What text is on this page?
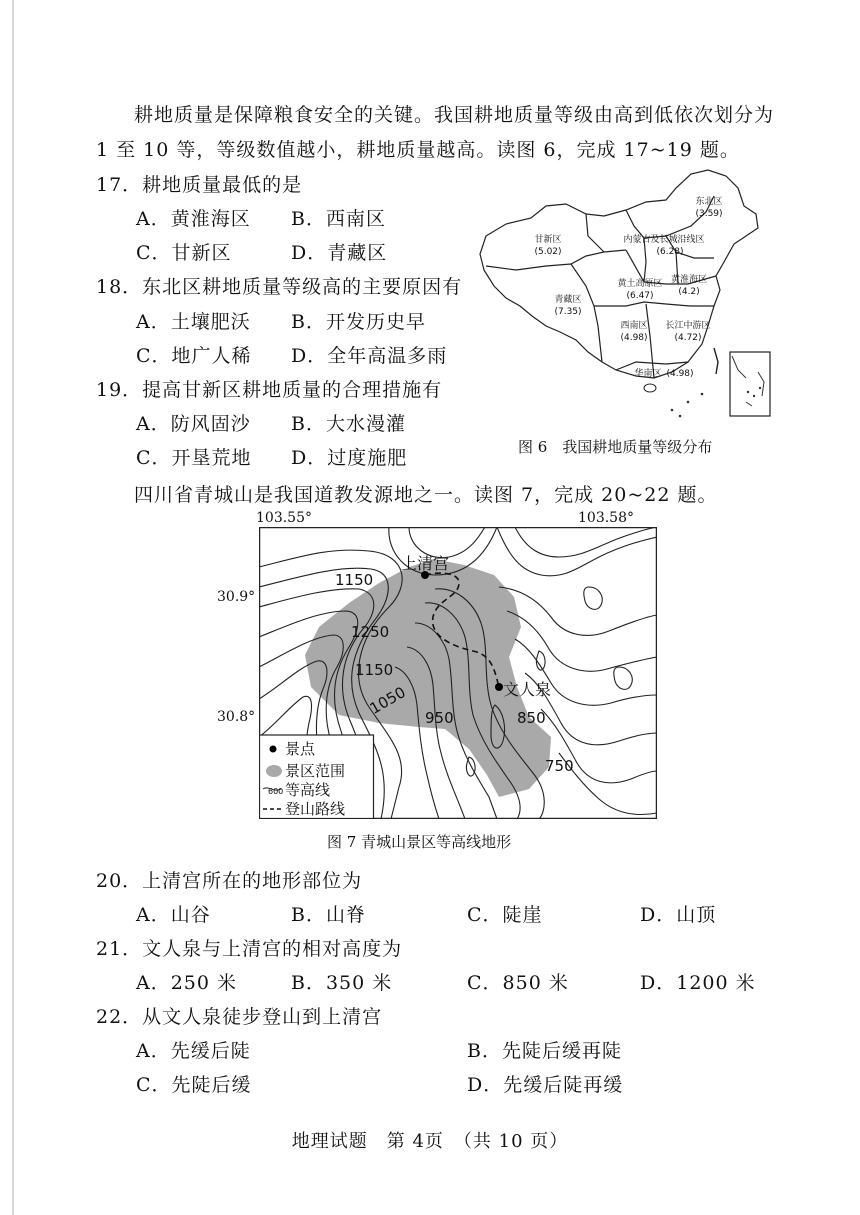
耕地质量是保障粮食安全的关键。我国耕地质量等级由高到低依次划分为
1 至 10 等，等级数值越小，耕地质量越高。读图 6，完成 17~19 题。
17．耕地质量最低的是
A．黄淮海区 B．西南区
C．甘新区	D．青藏区
18．东北区耕地质量等级高的主要原因有
A．土壤肥沃 B．开发历史早
C．地广人稀 D．全年高温多雨
19．提高甘新区耕地质量的合理措施有
A．防风固沙 B．大水漫灌
C．开垦荒地 D．过度施肥
东北区
(3.59)
内蒙古及长城沿线区
(6.28)
甘新区
(5.02)
黄土高原区
(6.47)
黄淮海区
(4.2)
青藏区
(7.35)
西南区
(4.98)
长江中游区
(4.72)
华南区 (4.98)
图 6　我国耕地质量等级分布
四川省青城山是我国道教发源地之一。读图 7，完成 20~22 题。
103.55°	103.58°
30.9°
30.8°
上清宫
文人泉
1150
1250
1150
1050
950	850
750
景点
景区范围
600 等高线
登山路线
图 7 青城山景区等高线地形
20．上清宫所在的地形部位为
A．山谷	B．山脊	C．陡崖	D．山顶
21．文人泉与上清宫的相对高度为
A．250 米	B．350 米	C．850 米	D．1200 米
22．从文人泉徒步登山到上清宫
A．先缓后陡	B．先陡后缓再陡
C．先陡后缓	D．先缓后陡再缓
地理试题　第 4页　（共 10 页）
